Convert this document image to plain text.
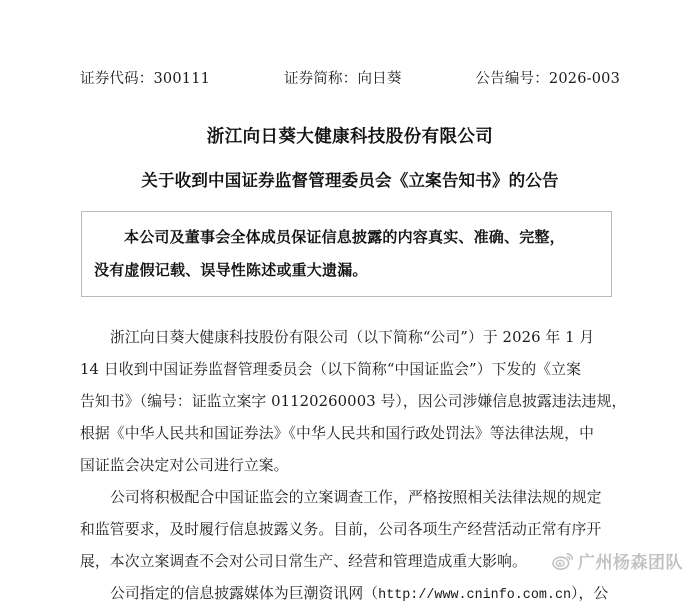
证券代码：300111	证券简称：向日葵	公告编号：2026-003
浙江向日葵大健康科技股份有限公司
关于收到中国证券监督管理委员会《立案告知书》的公告
本公司及董事会全体成员保证信息披露的内容真实、准确、完整，
没有虚假记载、误导性陈述或重大遗漏。
浙江向日葵大健康科技股份有限公司（以下简称“公司”）于 2026 年 1 月
14 日收到中国证券监督管理委员会（以下简称“中国证监会”）下发的《立案
告知书》（编号：证监立案字 01120260003 号），因公司涉嫌信息披露违法违规，
根据《中华人民共和国证券法》《中华人民共和国行政处罚法》等法律法规，中
国证监会决定对公司进行立案。
公司将积极配合中国证监会的立案调查工作，严格按照相关法律法规的规定
和监管要求，及时履行信息披露义务。目前，公司各项生产经营活动正常有序开
展，本次立案调查不会对公司日常生产、经营和管理造成重大影响。
公司指定的信息披露媒体为巨潮资讯网（http://www.cninfo.com.cn），公
广州杨森团队
